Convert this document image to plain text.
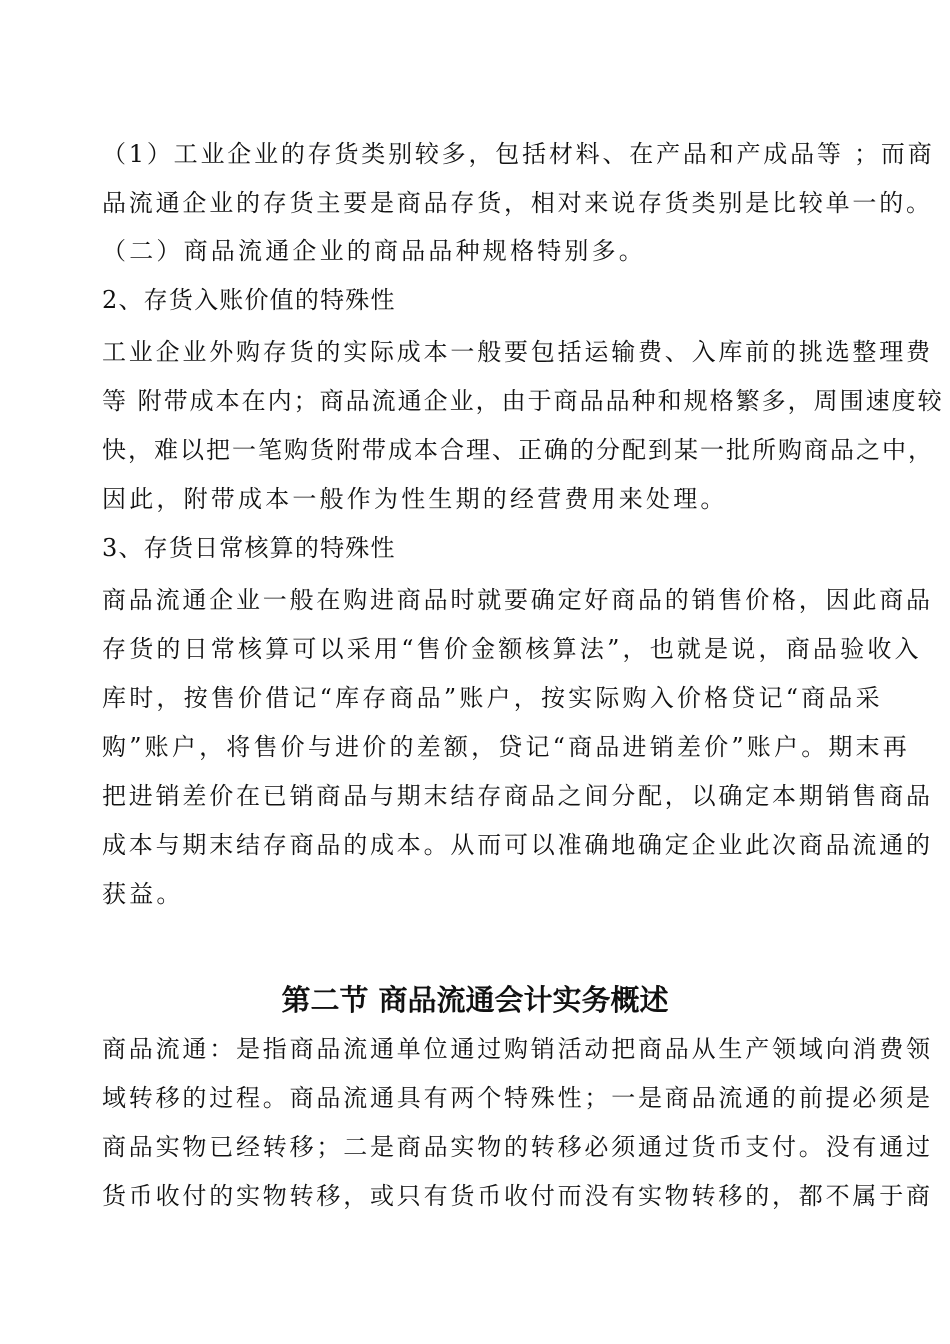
（1）工业企业的存货类别较多，包括材料、在产品和产成品等 ；而商
品流通企业的存货主要是商品存货，相对来说存货类别是比较单一的。
（二）商品流通企业的商品品种规格特别多。
2、存货入账价值的特殊性
工业企业外购存货的实际成本一般要包括运输费、入库前的挑选整理费
等 附带成本在内；商品流通企业，由于商品品种和规格繁多，周围速度较
快，难以把一笔购货附带成本合理、正确的分配到某一批所购商品之中，
因此，附带成本一般作为性生期的经营费用来处理。
3、存货日常核算的特殊性
商品流通企业一般在购进商品时就要确定好商品的销售价格，因此商品
存货的日常核算可以采用“售价金额核算法”，也就是说，商品验收入
库时，按售价借记“库存商品”账户，按实际购入价格贷记“商品采
购”账户，将售价与进价的差额，贷记“商品进销差价”账户。期末再
把进销差价在已销商品与期末结存商品之间分配，以确定本期销售商品
成本与期末结存商品的成本。从而可以准确地确定企业此次商品流通的
获益。
第二节 商品流通会计实务概述
商品流通：是指商品流通单位通过购销活动把商品从生产领域向消费领
域转移的过程。商品流通具有两个特殊性；一是商品流通的前提必须是
商品实物已经转移；二是商品实物的转移必须通过货币支付。没有通过
货币收付的实物转移，或只有货币收付而没有实物转移的，都不属于商
